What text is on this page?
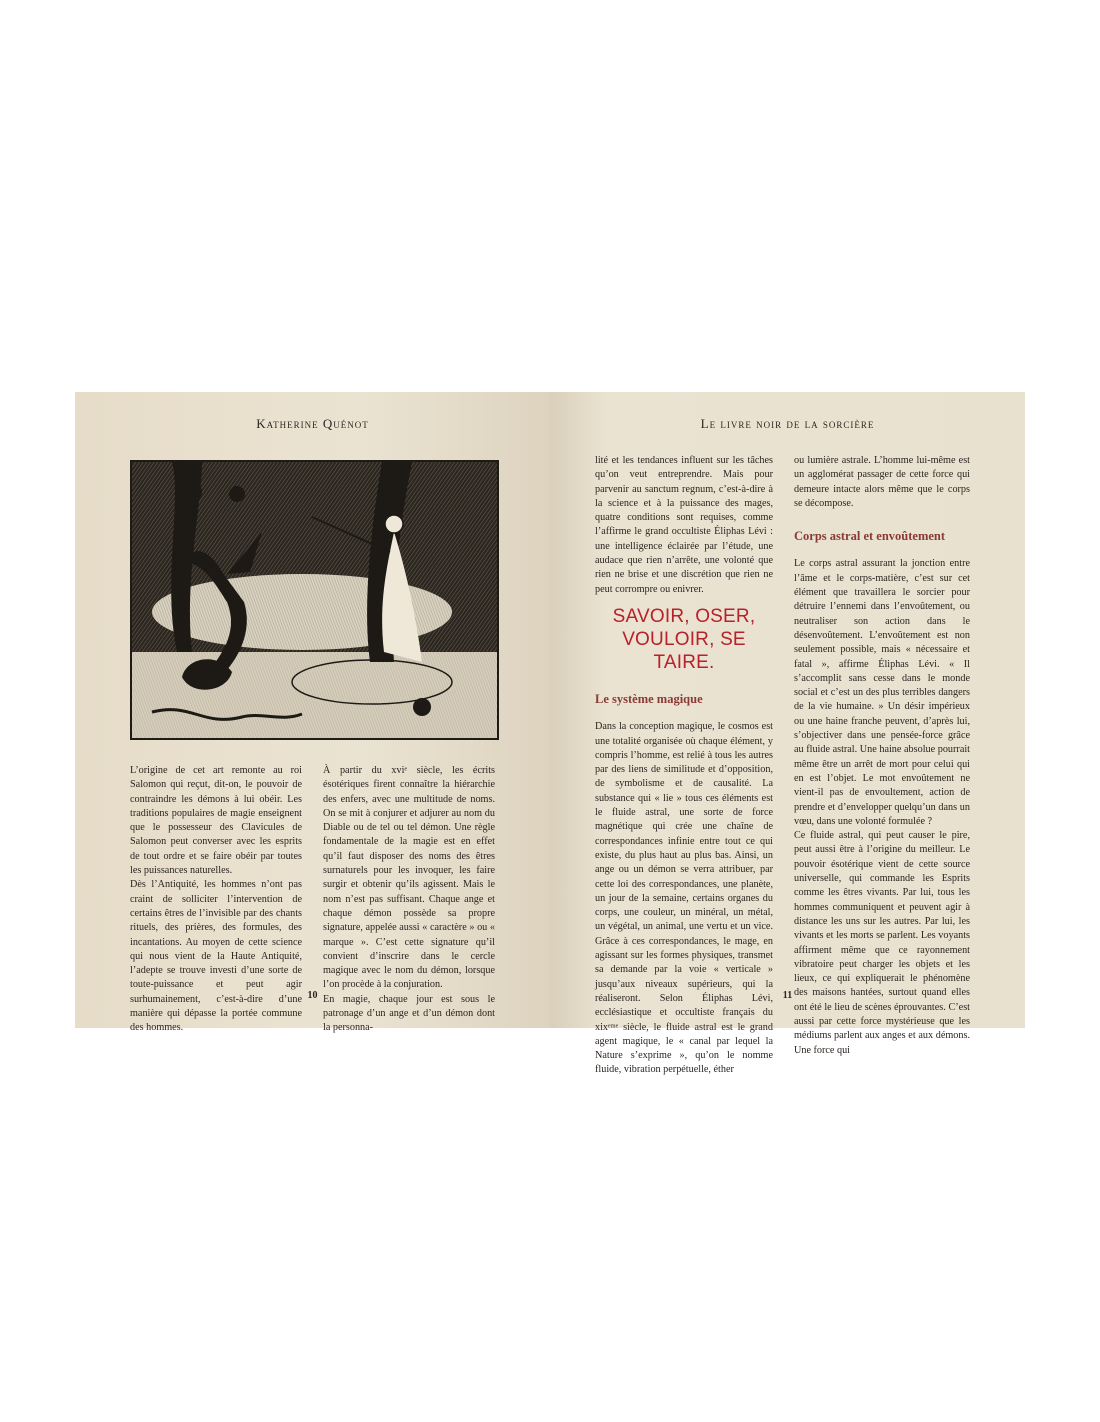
Katherine Quénot

L’origine de cet art remonte au roi Salomon qui reçut, dit-on, le pouvoir de contraindre les démons à lui obéir. Les traditions populaires de magie enseignent que le possesseur des Clavicules de Salomon peut converser avec les esprits de tout ordre et se faire obéir par toutes les puissances naturelles.

Dès l’Antiquité, les hommes n’ont pas craint de solliciter l’intervention de certains êtres de l’invisible par des chants rituels, des prières, des formules, des incantations. Au moyen de cette science qui nous vient de la Haute Antiquité, l’adepte se trouve investi d’une sorte de toute-puissance et peut agir surhumainement, c’est-à-dire d’une manière qui dépasse la portée commune des hommes.

À partir du xviᵉ siècle, les écrits ésotériques firent connaître la hiérarchie des enfers, avec une multitude de noms. On se mit à conjurer et adjurer au nom du Diable ou de tel ou tel démon. Une règle fondamentale de la magie est en effet qu’il faut disposer des noms des êtres surnaturels pour les invoquer, les faire surgir et obtenir qu’ils agissent. Mais le nom n’est pas suffisant. Chaque ange et chaque démon possède sa propre signature, appelée aussi « caractère » ou « marque ». C’est cette signature qu’il convient d’inscrire dans le cercle magique avec le nom du démon, lorsque l’on procède à la conjuration.

En magie, chaque jour est sous le patronage d’un ange et d’un démon dont la personna-

10
Le livre noir de la sorcière

lité et les tendances influent sur les tâches qu’on veut entreprendre. Mais pour parvenir au sanctum regnum, c’est-à-dire à la science et à la puissance des mages, quatre conditions sont requises, comme l’affirme le grand occultiste Éliphas Lévi : une intelligence éclairée par l’étude, une audace que rien n’arrête, une volonté que rien ne brise et une discrétion que rien ne peut corrompre ou enivrer.

SAVOIR, OSER, VOULOIR, SE TAIRE.
Le système magique

Dans la conception magique, le cosmos est une totalité organisée où chaque élément, y compris l’homme, est relié à tous les autres par des liens de similitude et d’opposition, de symbolisme et de causalité. La substance qui « lie » tous ces éléments est le fluide astral, une sorte de force magnétique qui crée une chaîne de correspondances infinie entre tout ce qui existe, du plus haut au plus bas. Ainsi, un ange ou un démon se verra attribuer, par cette loi des correspondances, une planète, un jour de la semaine, certains organes du corps, une couleur, un minéral, un métal, un végétal, un animal, une vertu et un vice. Grâce à ces correspondances, le mage, en agissant sur les formes physiques, transmet sa demande par la voie « verticale » jusqu’aux niveaux supérieurs, qui la réaliseront. Selon Éliphas Lévi, ecclésiastique et occultiste français du xixᵉᵐᵉ siècle, le fluide astral est le grand agent magique, le « canal par lequel la Nature s’exprime », qu’on le nomme fluide, vibration perpétuelle, éther

ou lumière astrale. L’homme lui-même est un agglomérat passager de cette force qui demeure intacte alors même que le corps se décompose.

Corps astral et envoûtement

Le corps astral assurant la jonction entre l’âme et le corps-matière, c’est sur cet élément que travaillera le sorcier pour détruire l’ennemi dans l’envoûtement, ou neutraliser son action dans le désenvoûtement. L’envoûtement est non seulement possible, mais « nécessaire et fatal », affirme Éliphas Lévi. « Il s’accomplit sans cesse dans le monde social et c’est un des plus terribles dangers de la vie humaine. » Un désir impérieux ou une haine franche peuvent, d’après lui, s’objectiver dans une pensée-force grâce au fluide astral. Une haine absolue pourrait même être un arrêt de mort pour celui qui en est l’objet. Le mot envoûtement ne vient-il pas de envoultement, action de prendre et d’envelopper quelqu’un dans un vœu, dans une volonté formulée ?

Ce fluide astral, qui peut causer le pire, peut aussi être à l’origine du meilleur. Le pouvoir ésotérique vient de cette source universelle, qui commande les Esprits comme les êtres vivants. Par lui, tous les hommes communiquent et peuvent agir à distance les uns sur les autres. Par lui, les vivants et les morts se parlent. Les voyants affirment même que ce rayonnement vibratoire peut charger les objets et les lieux, ce qui expliquerait le phénomène des maisons hantées, surtout quand elles ont été le lieu de scènes éprouvantes. C’est aussi par cette force mystérieuse que les médiums parlent aux anges et aux démons. Une force qui

11
